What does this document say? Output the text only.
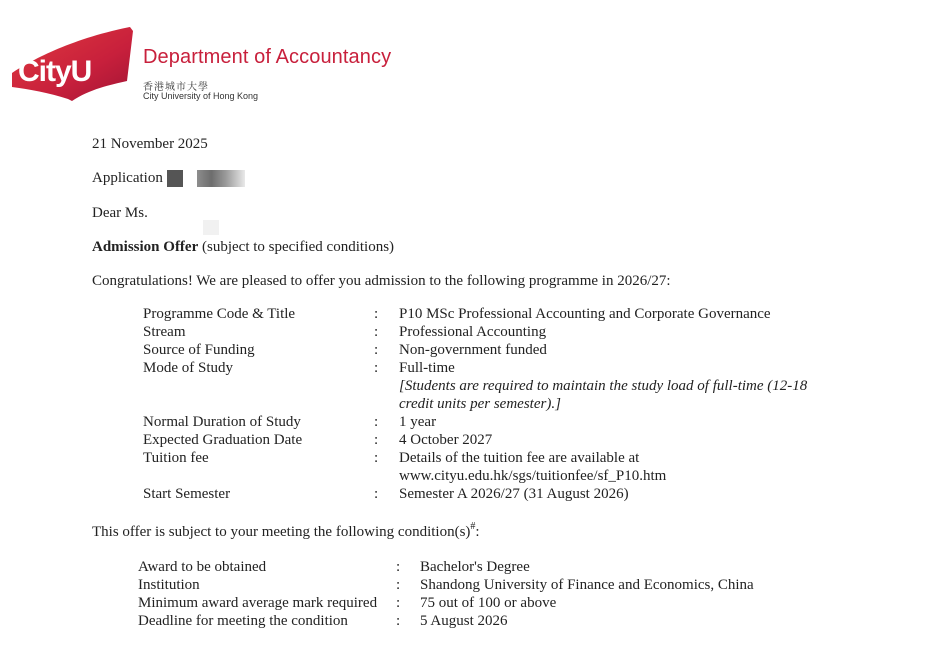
CityU	Department of Accountancy
香港城市大學
City University of Hong Kong
21 November 2025
Application
Dear Ms.
Admission Offer (subject to specified conditions)
Congratulations! We are pleased to offer you admission to the following programme in 2026/27:
Programme Code & Title	:	P10 MSc Professional Accounting and Corporate Governance
Stream	:	Professional Accounting
Source of Funding	:	Non-government funded
Mode of Study	:	Full-time
[Students are required to maintain the study load of full-time (12-18
credit units per semester).]

Normal Duration of Study	:	1 year
Expected Graduation Date	:	4 October 2027
Tuition fee	:	Details of the tuition fee are available at
www.cityu.edu.hk/sgs/tuitionfee/sf_P10.htm

Start Semester	:	Semester A 2026/27 (31 August 2026)
This offer is subject to your meeting the following condition(s)#:
Award to be obtained	:	Bachelor's Degree
Institution	:	Shandong University of Finance and Economics, China
Minimum award average mark required	:	75 out of 100 or above
Deadline for meeting the condition	:	5 August 2026
